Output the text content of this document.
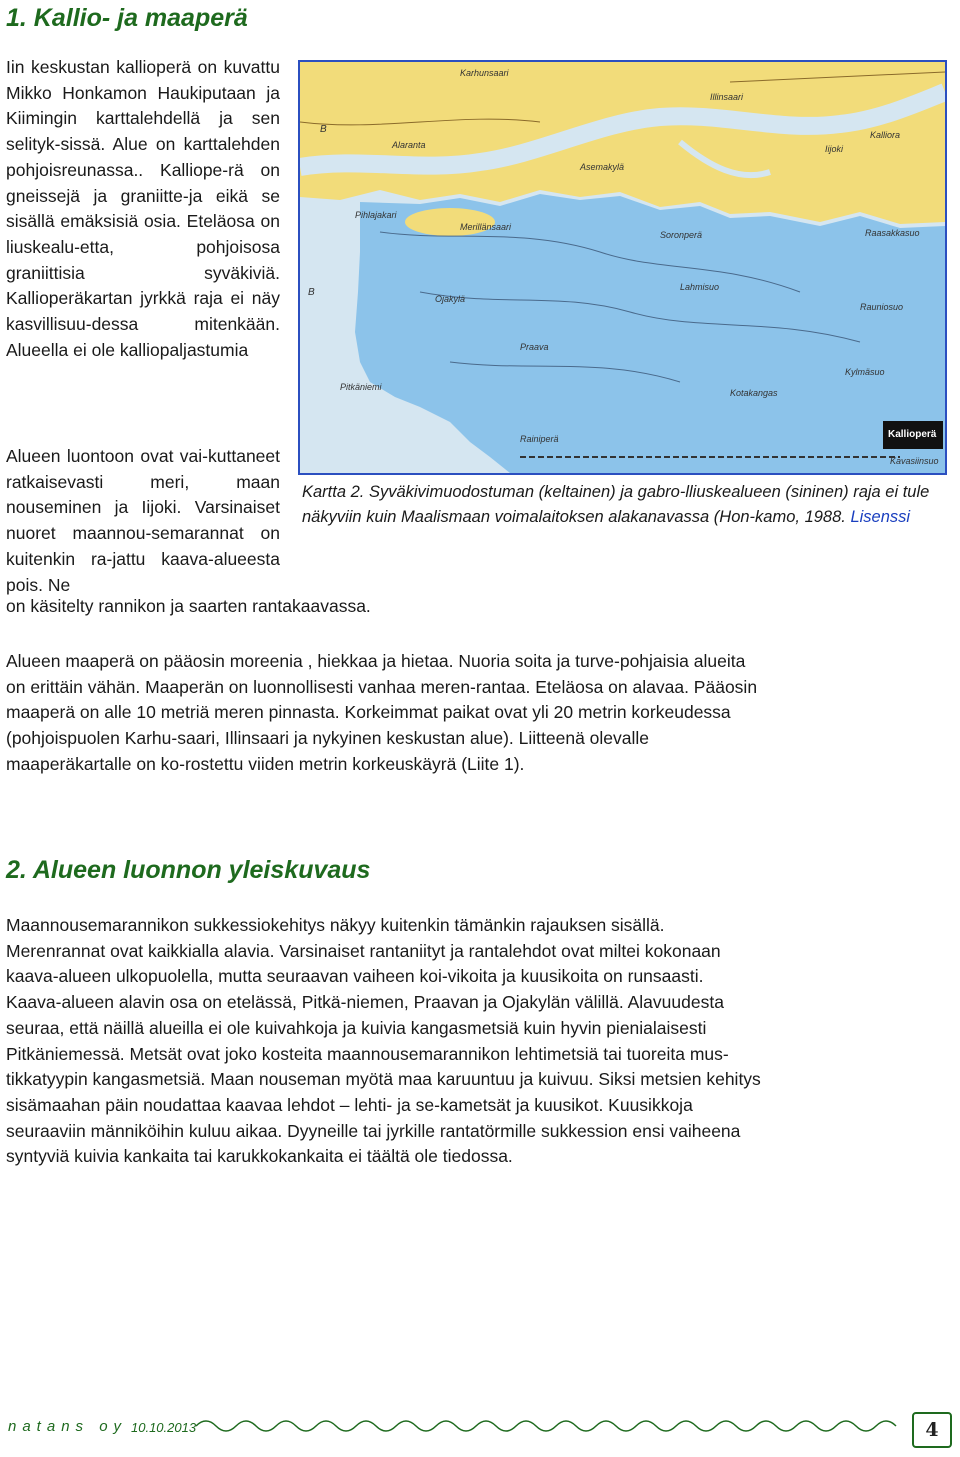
1. Kallio- ja maaperä

Iin keskustan kallioperä on kuvattu Mikko Honkamon Haukiputaan ja Kiimingin karttalehdellä ja sen selityk-sissä. Alue on karttalehden pohjoisreunassa.. Kalliope-rä on gneissejä ja graniitte-ja eikä se sisällä emäksisiä osia. Eteläosa on liuskealu-etta, pohjoisosa graniittisia syväkiviä. Kallioperäkartan jyrkkä raja ei näy kasvillisuu-dessa mitenkään. Alueella ei ole kalliopaljastumia

B
B
Karhunsaari
Illinsaari
Alaranta
Asemakylä
Iijoki
Kalliora
Pihlajakari
Merillänsaari
Soronperä	Raasakkasuo
Lahmisuo
Ojakylä
Praava
Rauniosuo
Pitkäniemi
Kylmäsuo
Kotakangas
Rainiperä
Kavasiinsuo
Kallioperä

Alueen luontoon ovat vai-kuttaneet ratkaisevasti meri, maan nouseminen ja Iijoki. Varsinaiset nuoret maannou-semarannat on kuitenkin ra-jattu kaava-alueesta pois. Ne

on käsitelty rannikon ja saarten rantakaavassa.

Kartta 2. Syväkivimuodostuman (keltainen) ja gabro-lliuskealueen (sininen) raja ei tule näkyviin kuin Maalismaan voimalaitoksen alakanavassa (Hon-kamo, 1988. Lisenssi

Alueen maaperä on pääosin moreenia , hiekkaa ja hietaa. Nuoria soita ja turve-pohjaisia alueita on erittäin vähän. Maaperän on luonnollisesti vanhaa meren-rantaa. Eteläosa on alavaa. Pääosin maaperä on alle 10 metriä meren pinnasta. Korkeimmat paikat ovat yli 20 metrin korkeudessa (pohjoispuolen Karhu-saari, Illinsaari ja nykyinen keskustan alue). Liitteenä olevalle maaperäkartalle on ko-rostettu viiden metrin korkeuskäyrä (Liite 1).

2. Alueen luonnon yleiskuvaus

Maannousemarannikon sukkessiokehitys näkyy kuitenkin tämänkin rajauksen sisällä. Merenrannat ovat kaikkialla alavia. Varsinaiset rantaniityt ja rantalehdot ovat miltei kokonaan kaava-alueen ulkopuolella, mutta seuraavan vaiheen koi-vikoita ja kuusikoita on runsaasti. Kaava-alueen alavin osa on etelässä, Pitkä-niemen, Praavan ja Ojakylän välillä. Alavuudesta seuraa, että näillä alueilla ei ole kuivahkoja ja kuivia kangasmetsiä kuin hyvin pienialaisesti Pitkäniemessä. Metsät ovat joko kosteita maannousemarannikon lehtimetsiä tai tuoreita mus-tikkatyypin kangasmetsiä. Maan nouseman myötä maa karuuntuu ja kuivuu. Siksi metsien kehitys sisämaahan päin noudattaa kaavaa lehdot – lehti- ja se-kametsät ja kuusikot. Kuusikkoja seuraaviin männiköihin kuluu aikaa. Dyyneille tai jyrkille rantatörmille sukkession ensi vaiheena syntyviä kuivia kankaita tai karukkokankaita ei täältä ole tiedossa.

natans oy 10.10.2013	4
